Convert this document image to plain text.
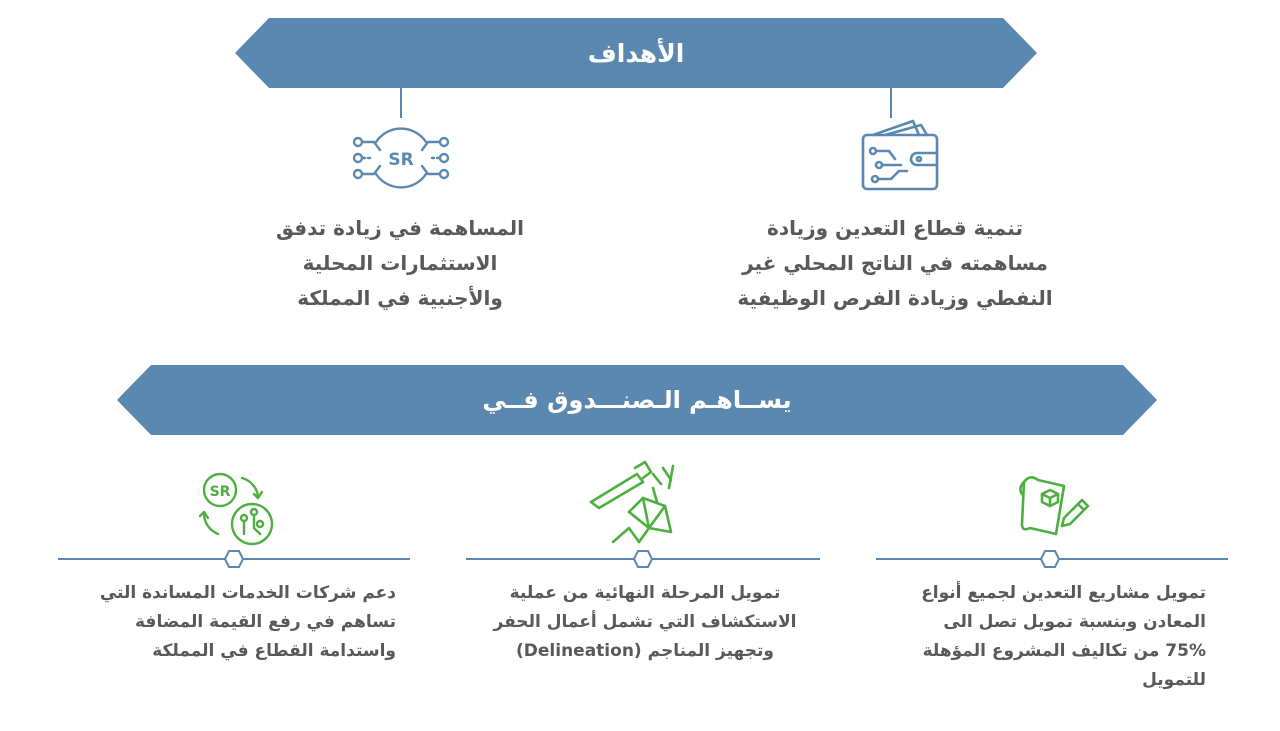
الأهداف
SR
تنمية قطاع التعدين وزيادة
مساهمته في الناتج المحلي غير
النفطي وزيادة الفرص الوظيفية
المساهمة في زيادة تدفق
الاستثمارات المحلية
والأجنبية في المملكة
يســاهـم الـصنـــدوق فــي
SR
تمويل مشاريع التعدين لجميع أنواع
المعادن وبنسبة تمويل تصل الى
75% من تكاليف المشروع المؤهلة
للتمويل
تمويل المرحلة النهائية من عملية
الاستكشاف التي تشمل أعمال الحفر
وتجهيز المناجم (Delineation)
دعم شركات الخدمات المساندة التي
تساهم في رفع القيمة المضافة
واستدامة القطاع في المملكة
